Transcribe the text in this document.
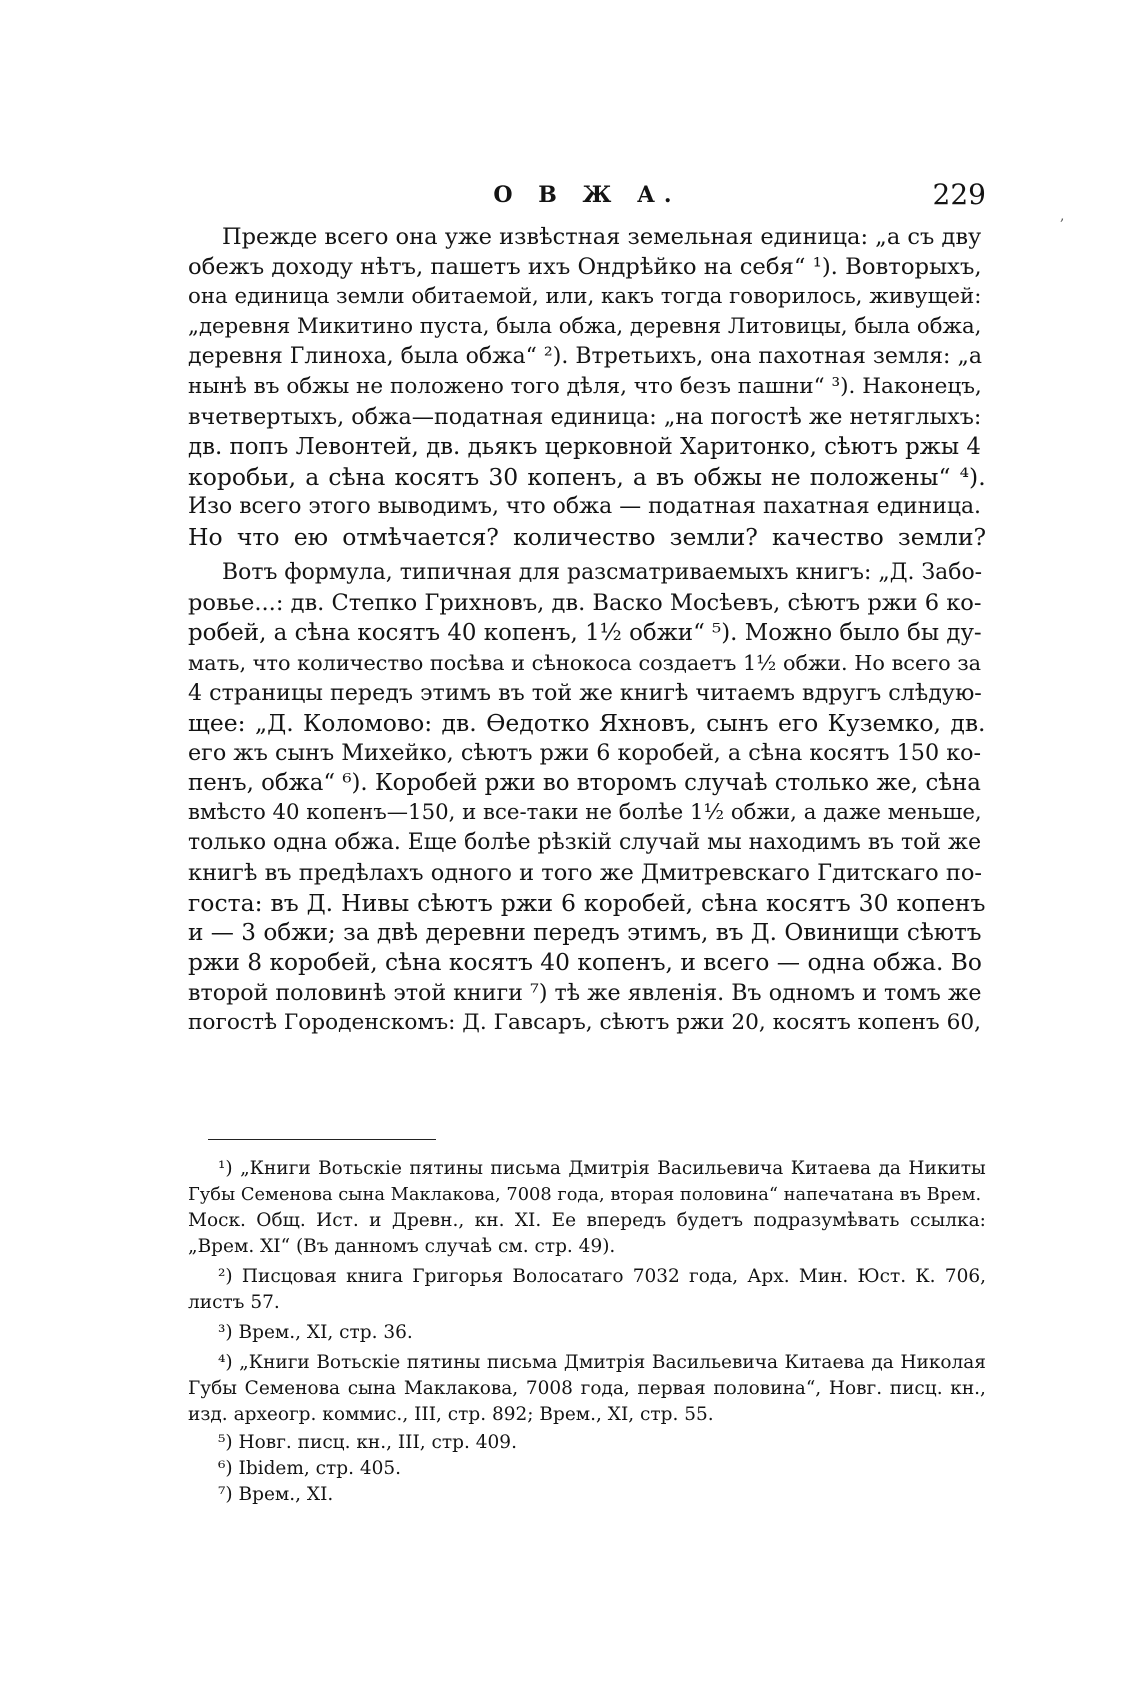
О В Ж А.	229
,
Прежде всего она уже извѣстная земельная единица: „а съ дву
обежъ доходу нѣтъ, пашетъ ихъ Ондрѣйко на себя“ ¹). Вовторыхъ,
она единица земли обитаемой, или, какъ тогда говорилось, живущей:
„деревня Микитино пуста, была обжа, деревня Литовицы, была обжа,
деревня Глиноха, была обжа“ ²). Втретьихъ, она пахотная земля: „а
нынѣ въ обжы не положено того дѣля, что безъ пашни“ ³). Наконецъ,
вчетвертыхъ, обжа—податная единица: „на погостѣ же нетяглыхъ:
дв. попъ Левонтей, дв. дьякъ церковной Харитонко, сѣютъ ржы 4
коробьи, а сѣна косятъ 30 копенъ, а въ обжы не положены“ ⁴).
Изо всего этого выводимъ, что обжа — податная пахатная единица.
Но что ею отмѣчается? количество земли? качество земли?
Вотъ формула, типичная для разсматриваемыхъ книгъ: „Д. Забо-
ровье...: дв. Степко Грихновъ, дв. Васко Мосѣевъ, сѣютъ ржи 6 ко-
робей, а сѣна косятъ 40 копенъ, 1½ обжи“ ⁵). Можно было бы ду-
мать, что количество посѣва и сѣнокоса создаетъ 1½ обжи. Но всего за
4 страницы передъ этимъ въ той же книгѣ читаемъ вдругъ слѣдую-
щее: „Д. Коломово: дв. Ѳедотко Яхновъ, сынъ его Куземко, дв.
его жъ сынъ Михейко, сѣютъ ржи 6 коробей, а сѣна косятъ 150 ко-
пенъ, обжа“ ⁶). Коробей ржи во второмъ случаѣ столько же, сѣна
вмѣсто 40 копенъ—150, и все-таки не болѣе 1½ обжи, а даже меньше,
только одна обжа. Еще болѣе рѣзкій случай мы находимъ въ той же
книгѣ въ предѣлахъ одного и того же Дмитревскаго Гдитскаго по-
госта: въ Д. Нивы сѣютъ ржи 6 коробей, сѣна косятъ 30 копенъ
и — 3 обжи; за двѣ деревни передъ этимъ, въ Д. Овинищи сѣютъ
ржи 8 коробей, сѣна косятъ 40 копенъ, и всего — одна обжа. Во
второй половинѣ этой книги ⁷) тѣ же явленія. Въ одномъ и томъ же
погостѣ Городенскомъ: Д. Гавсаръ, сѣютъ ржи 20, косятъ копенъ 60,
¹) „Книги Вотьскіе пятины письма Дмитрія Васильевича Китаева да Никиты
Губы Семенова сына Маклакова, 7008 года, вторая половина“ напечатана въ Врем.
Моск. Общ. Ист. и Древн., кн. XI. Ее впередъ будетъ подразумѣвать ссылка:
„Врем. XI“ (Въ данномъ случаѣ см. стр. 49).
²) Писцовая книга Григорья Волосатаго 7032 года, Арх. Мин. Юст. К. 706,
листъ 57.
³) Врем., XI, стр. 36.
⁴) „Книги Вотьскіе пятины письма Дмитрія Васильевича Китаева да Николая
Губы Семенова сына Маклакова, 7008 года, первая половина“, Новг. писц. кн.,
изд. археогр. коммис., III, стр. 892; Врем., XI, стр. 55.
⁵) Новг. писц. кн., III, стр. 409.
⁶) Ibidem, стр. 405.
⁷) Врем., XI.
